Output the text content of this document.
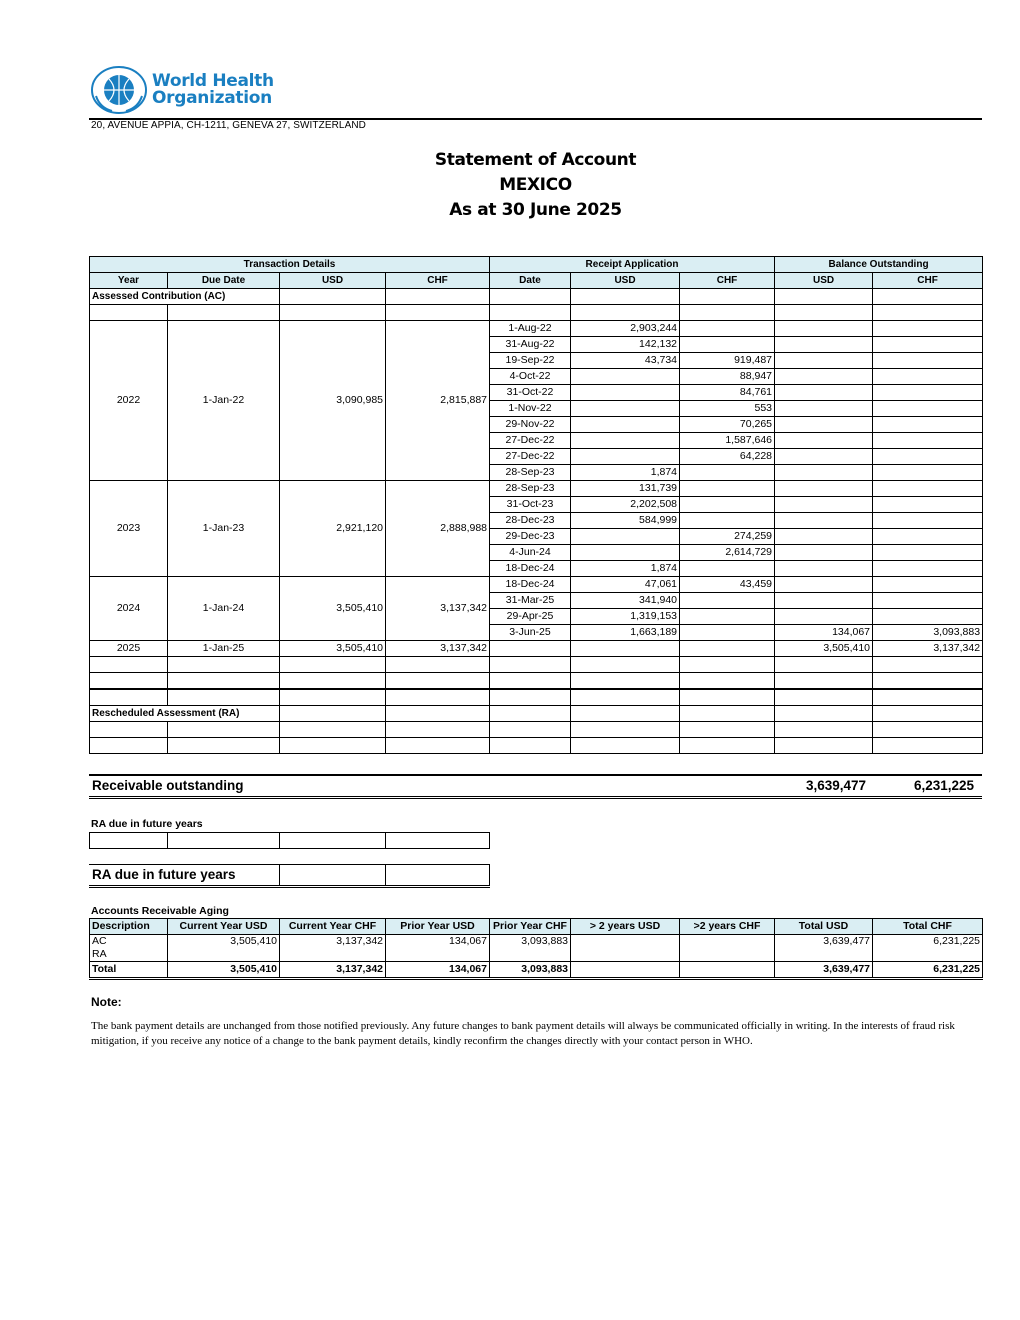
World Health
Organization
20, AVENUE APPIA, CH-1211, GENEVA 27, SWITZERLAND
Statement of Account
MEXICO
As at 30 June 2025
Transaction Details				Receipt Application			Balance Outstanding	
Year	Due Date	USD	CHF	Date	USD	CHF	USD	CHF
Assessed Contribution (AC)								

2022	1-Jan-22	3,090,985	2,815,887	1-Aug-22	2,903,244			
				31-Aug-22	142,132			
				19-Sep-22	43,734	919,487		
				4-Oct-22		88,947		
				31-Oct-22		84,761		
				1-Nov-22		553		
				29-Nov-22		70,265		
				27-Dec-22		1,587,646		
				27-Dec-22		64,228		
				28-Sep-23	1,874			
2023	1-Jan-23	2,921,120	2,888,988	28-Sep-23	131,739			
				31-Oct-23	2,202,508			
				28-Dec-23	584,999			
				29-Dec-23		274,259		
				4-Jun-24		2,614,729		
				18-Dec-24	1,874			
2024	1-Jan-24	3,505,410	3,137,342	18-Dec-24	47,061	43,459		
				31-Mar-25	341,940			
				29-Apr-25	1,319,153			
				3-Jun-25	1,663,189		134,067	3,093,883
2025	1-Jan-25	3,505,410	3,137,342				3,505,410	3,137,342

Rescheduled Assessment (RA)								

Receivable outstanding	3,639,477	6,231,225
RA due in future years

RA due in future years
Accounts Receivable Aging
Description	Current Year USD	Current Year CHF	Prior Year USD	Prior Year CHF	> 2 years USD	>2 years CHF	Total USD	Total CHF
AC	3,505,410	3,137,342	134,067	3,093,883			3,639,477	6,231,225
RA								
Total	3,505,410	3,137,342	134,067	3,093,883			3,639,477	6,231,225
Note:
The bank payment details are unchanged from those notified previously. Any future changes to bank payment details will always be communicated officially in writing. In the interests of fraud risk mitigation, if you receive any notice of a change to the bank payment details, kindly reconfirm the changes directly with your contact person in WHO.
